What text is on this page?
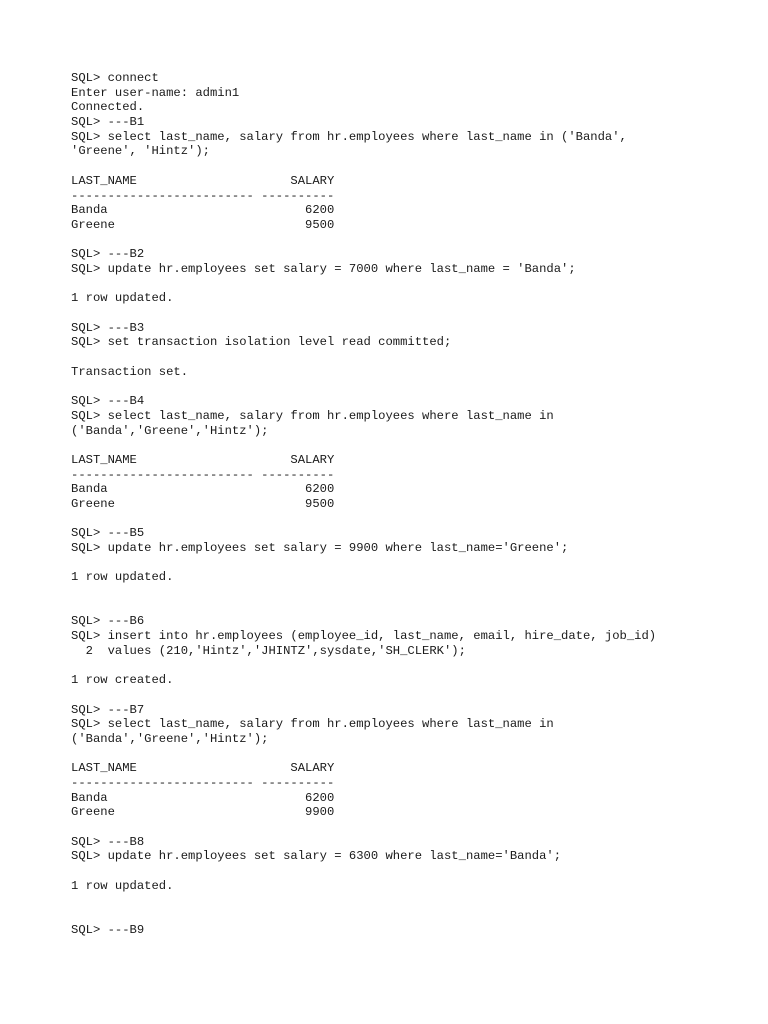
SQL> connect
Enter user-name: admin1
Connected.
SQL> ---B1
SQL> select last_name, salary from hr.employees where last_name in ('Banda',
'Greene', 'Hintz');
LAST_NAME                     SALARY
------------------------- ----------
Banda                           6200
Greene                          9500
SQL> ---B2
SQL> update hr.employees set salary = 7000 where last_name = 'Banda';
1 row updated.
SQL> ---B3
SQL> set transaction isolation level read committed;
Transaction set.
SQL> ---B4
SQL> select last_name, salary from hr.employees where last_name in
('Banda','Greene','Hintz');
LAST_NAME                     SALARY
------------------------- ----------
Banda                           6200
Greene                          9500
SQL> ---B5
SQL> update hr.employees set salary = 9900 where last_name='Greene';
1 row updated.
SQL> ---B6
SQL> insert into hr.employees (employee_id, last_name, email, hire_date, job_id)
2  values (210,'Hintz','JHINTZ',sysdate,'SH_CLERK');
1 row created.
SQL> ---B7
SQL> select last_name, salary from hr.employees where last_name in
('Banda','Greene','Hintz');
LAST_NAME                     SALARY
------------------------- ----------
Banda                           6200
Greene                          9900
SQL> ---B8
SQL> update hr.employees set salary = 6300 where last_name='Banda';
1 row updated.
SQL> ---B9
